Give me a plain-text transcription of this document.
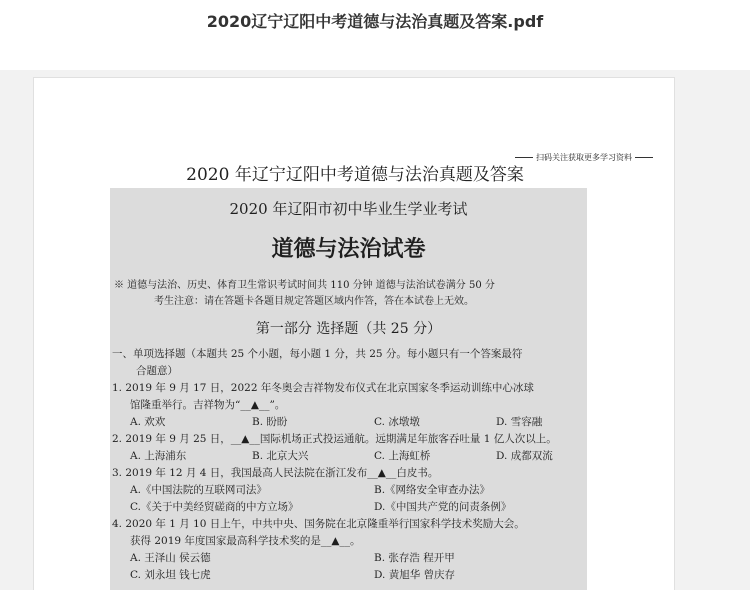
2020辽宁辽阳中考道德与法治真题及答案.pdf
扫码关注获取更多学习资料
2020 年辽宁辽阳中考道德与法治真题及答案
2020 年辽阳市初中毕业生学业考试
道德与法治试卷
※ 道德与法治、历史、体育卫生常识考试时间共 110 分钟 道德与法治试卷满分 50 分
考生注意：请在答题卡各题目规定答题区域内作答，答在本试卷上无效。
第一部分 选择题（共 25 分）
一、单项选择题（本题共 25 个小题，每小题 1 分，共 25 分。每小题只有一个答案最符
合题意）
1. 2019 年 9 月 17 日，2022 年冬奥会吉祥物发布仪式在北京国家冬季运动训练中心冰球
馆隆重举行。吉祥物为“__▲__”。
A. 欢欢	B. 盼盼	C. 冰墩墩	D. 雪容融
2. 2019 年 9 月 25 日，__▲__国际机场正式投运通航。远期满足年旅客吞吐量 1 亿人次以上。
A. 上海浦东	B. 北京大兴	C. 上海虹桥	D. 成都双流
3. 2019 年 12 月 4 日，我国最高人民法院在浙江发布__▲__白皮书。
A.《中国法院的互联网司法》	B.《网络安全审查办法》
C.《关于中美经贸磋商的中方立场》	D.《中国共产党的问责条例》
4. 2020 年 1 月 10 日上午，中共中央、国务院在北京隆重举行国家科学技术奖励大会。
获得 2019 年度国家最高科学技术奖的是__▲__。
A. 王泽山 侯云德	B. 张存浩 程开甲
C. 刘永坦 钱七虎	D. 黄旭华 曾庆存
